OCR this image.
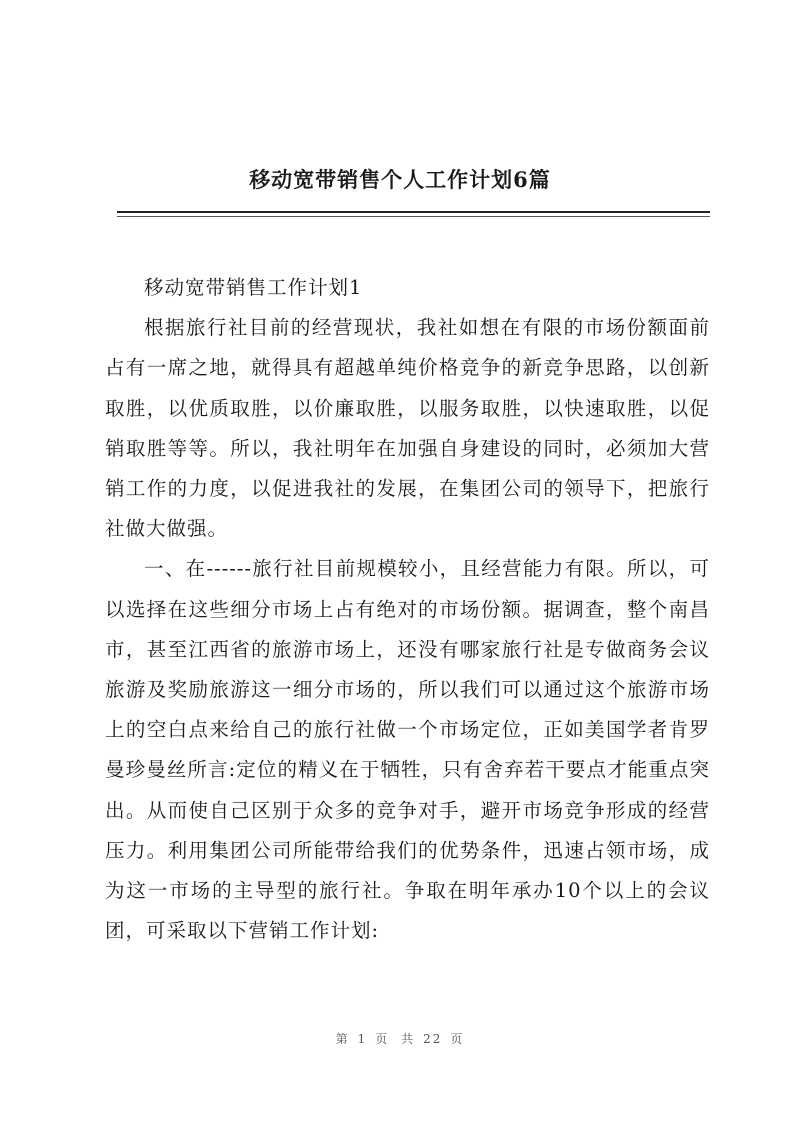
移动宽带销售个人工作计划6篇

移动宽带销售工作计划1

根据旅行社目前的经营现状，我社如想在有限的市场份额面前占有一席之地，就得具有超越单纯价格竞争的新竞争思路，以创新取胜，以优质取胜，以价廉取胜，以服务取胜，以快速取胜，以促销取胜等等。所以，我社明年在加强自身建设的同时，必须加大营销工作的力度，以促进我社的发展，在集团公司的领导下，把旅行社做大做强。

一、在------旅行社目前规模较小，且经营能力有限。所以，可以选择在这些细分市场上占有绝对的市场份额。据调查，整个南昌市，甚至江西省的旅游市场上，还没有哪家旅行社是专做商务会议旅游及奖励旅游这一细分市场的，所以我们可以通过这个旅游市场上的空白点来给自己的旅行社做一个市场定位，正如美国学者肯罗曼珍曼丝所言:定位的精义在于牺牲，只有舍弃若干要点才能重点突出。从而使自己区别于众多的竞争对手，避开市场竞争形成的经营压力。利用集团公司所能带给我们的优势条件，迅速占领市场，成为这一市场的主导型的旅行社。争取在明年承办10个以上的会议团，可采取以下营销工作计划:

第 1 页 共 22 页
